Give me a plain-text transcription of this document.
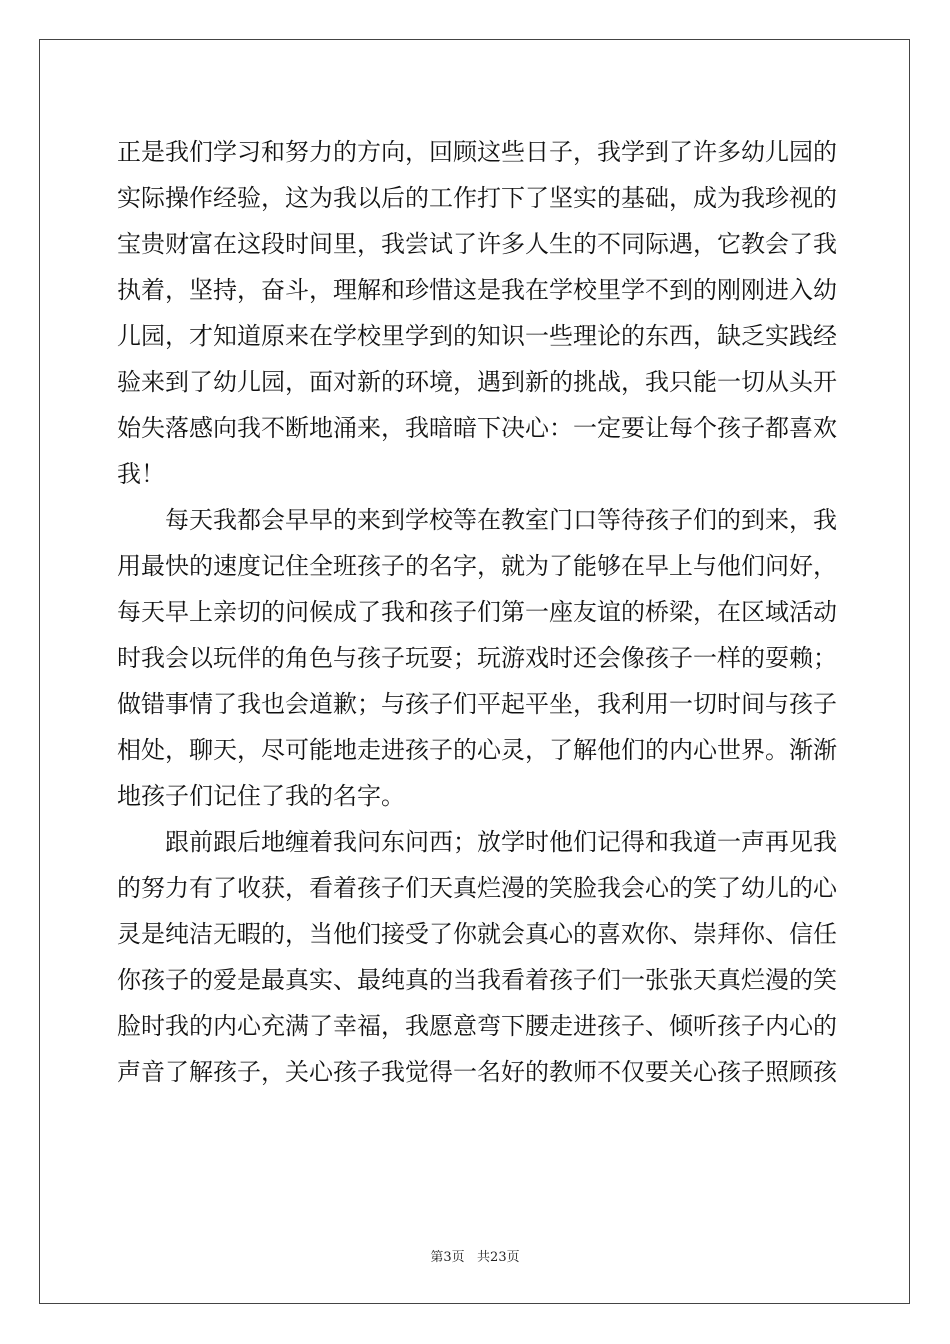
正是我们学习和努力的方向，回顾这些日子，我学到了许多幼儿园的
实际操作经验，这为我以后的工作打下了坚实的基础，成为我珍视的
宝贵财富在这段时间里，我尝试了许多人生的不同际遇，它教会了我
执着，坚持，奋斗，理解和珍惜这是我在学校里学不到的刚刚进入幼
儿园，才知道原来在学校里学到的知识一些理论的东西，缺乏实践经
验来到了幼儿园，面对新的环境，遇到新的挑战，我只能一切从头开
始失落感向我不断地涌来，我暗暗下决心：一定要让每个孩子都喜欢
我！
每天我都会早早的来到学校等在教室门口等待孩子们的到来，我
用最快的速度记住全班孩子的名字，就为了能够在早上与他们问好，
每天早上亲切的问候成了我和孩子们第一座友谊的桥梁，在区域活动
时我会以玩伴的角色与孩子玩耍；玩游戏时还会像孩子一样的耍赖；
做错事情了我也会道歉；与孩子们平起平坐，我利用一切时间与孩子
相处，聊天，尽可能地走进孩子的心灵，了解他们的内心世界。渐渐
地孩子们记住了我的名字。
跟前跟后地缠着我问东问西；放学时他们记得和我道一声再见我
的努力有了收获，看着孩子们天真烂漫的笑脸我会心的笑了幼儿的心
灵是纯洁无暇的，当他们接受了你就会真心的喜欢你、崇拜你、信任
你孩子的爱是最真实、最纯真的当我看着孩子们一张张天真烂漫的笑
脸时我的内心充满了幸福，我愿意弯下腰走进孩子、倾听孩子内心的
声音了解孩子，关心孩子我觉得一名好的教师不仅要关心孩子照顾孩
第3页   共23页
